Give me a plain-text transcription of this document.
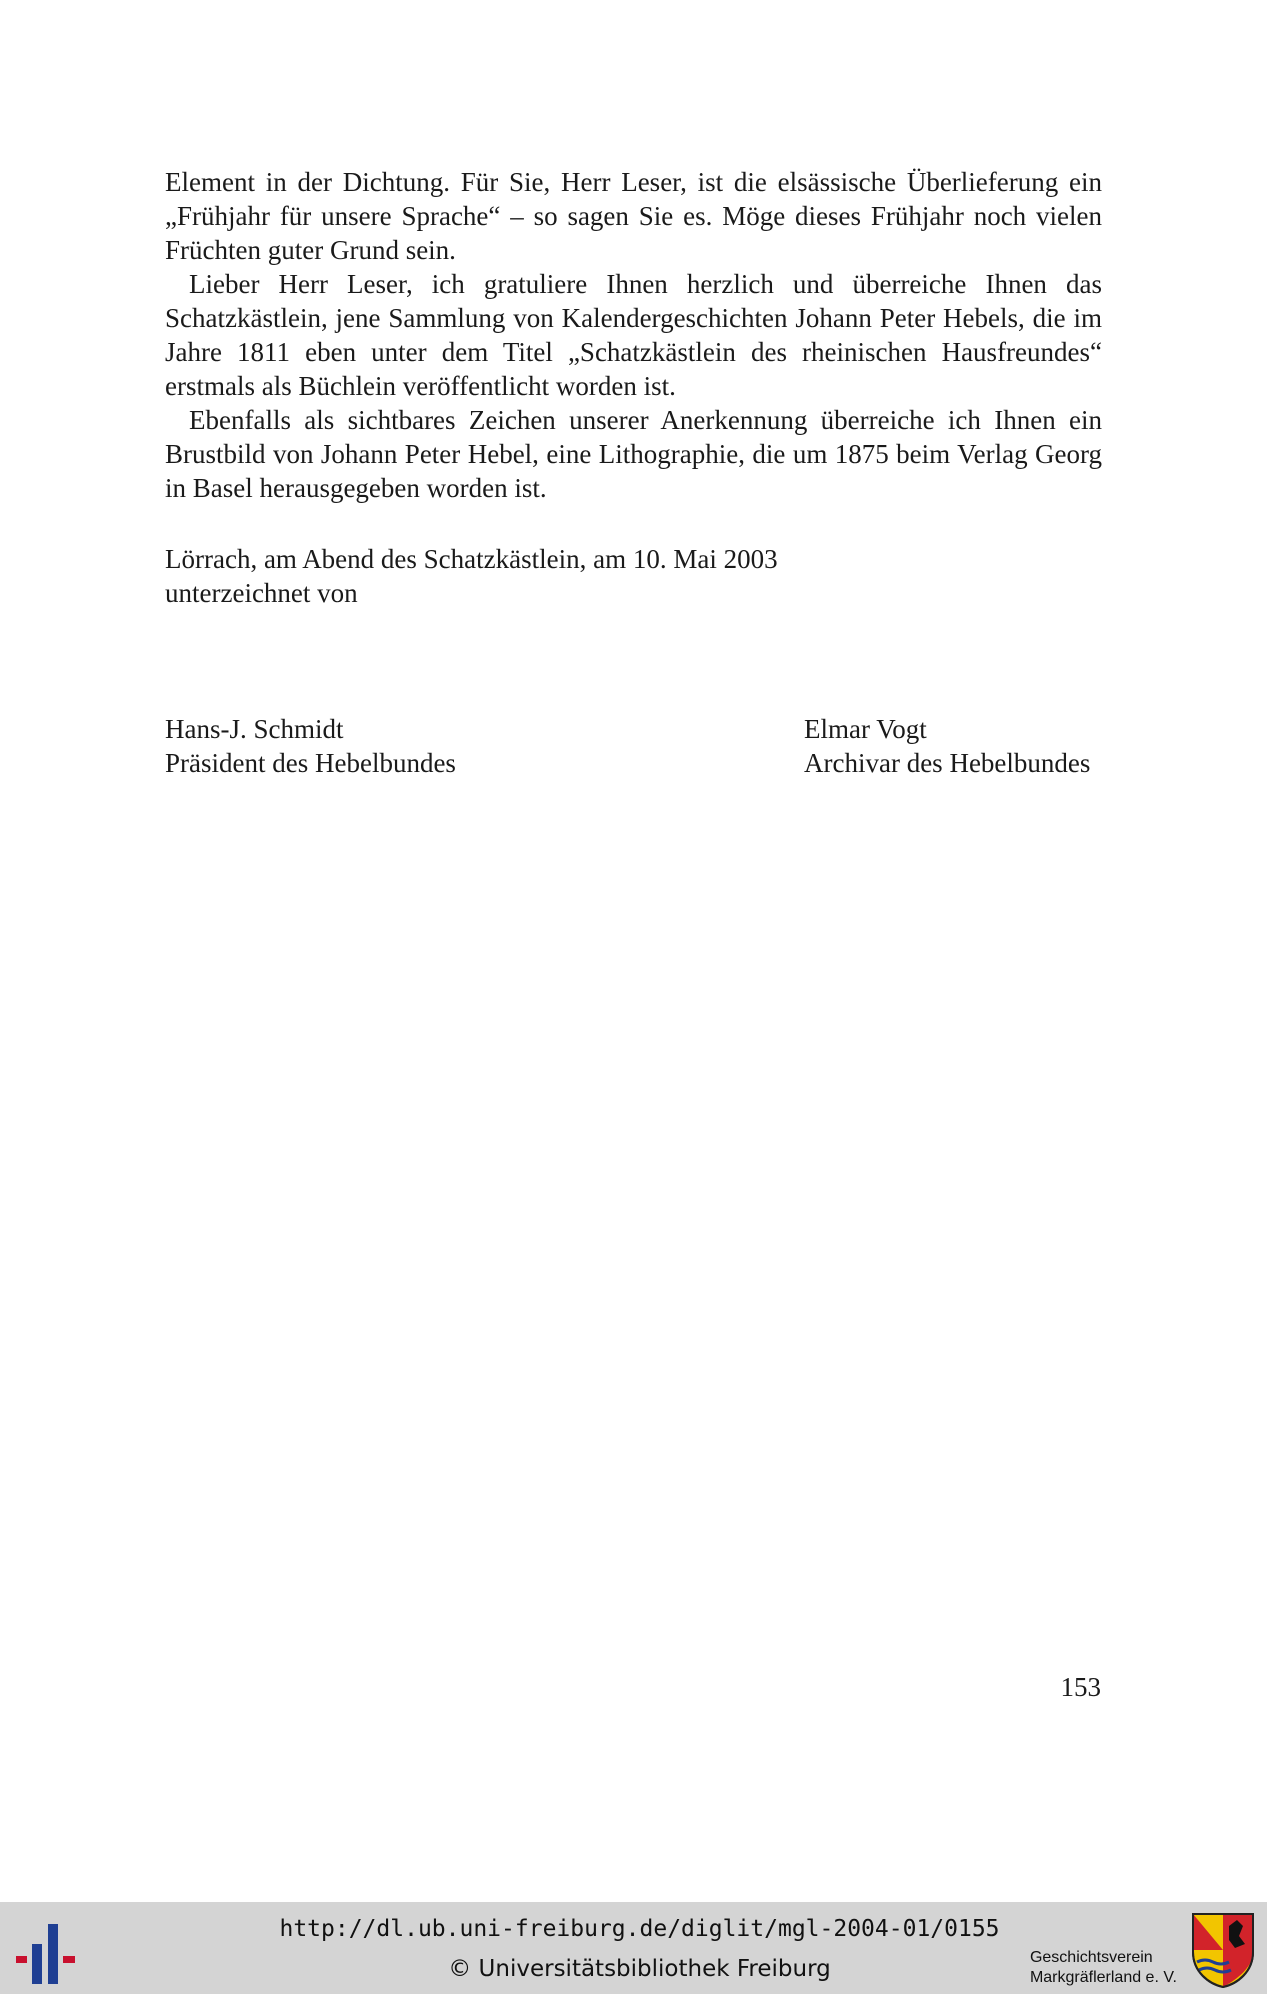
Element in der Dichtung. Für Sie, Herr Leser, ist die elsässische Überlieferung ein „Frühjahr für unsere Sprache“ – so sagen Sie es. Möge dieses Frühjahr noch vielen Früchten guter Grund sein.

Lieber Herr Leser, ich gratuliere Ihnen herzlich und überreiche Ihnen das Schatzkästlein, jene Sammlung von Kalendergeschichten Johann Peter Hebels, die im Jahre 1811 eben unter dem Titel „Schatzkästlein des rheinischen Hausfreundes“ erstmals als Büchlein veröffentlicht worden ist.

Ebenfalls als sichtbares Zeichen unserer Anerkennung überreiche ich Ihnen ein Brustbild von Johann Peter Hebel, eine Lithographie, die um 1875 beim Verlag Georg in Basel herausgegeben worden ist.

Lörrach, am Abend des Schatzkästlein, am 10. Mai 2003
unterzeichnet von
Hans-J. Schmidt
Präsident des Hebelbundes
Elmar Vogt
Archivar des Hebelbundes
153
http://dl.ub.uni-freiburg.de/diglit/mgl-2004-01/0155
© Universitätsbibliothek Freiburg	Geschichtsverein
Markgräflerland e. V.
